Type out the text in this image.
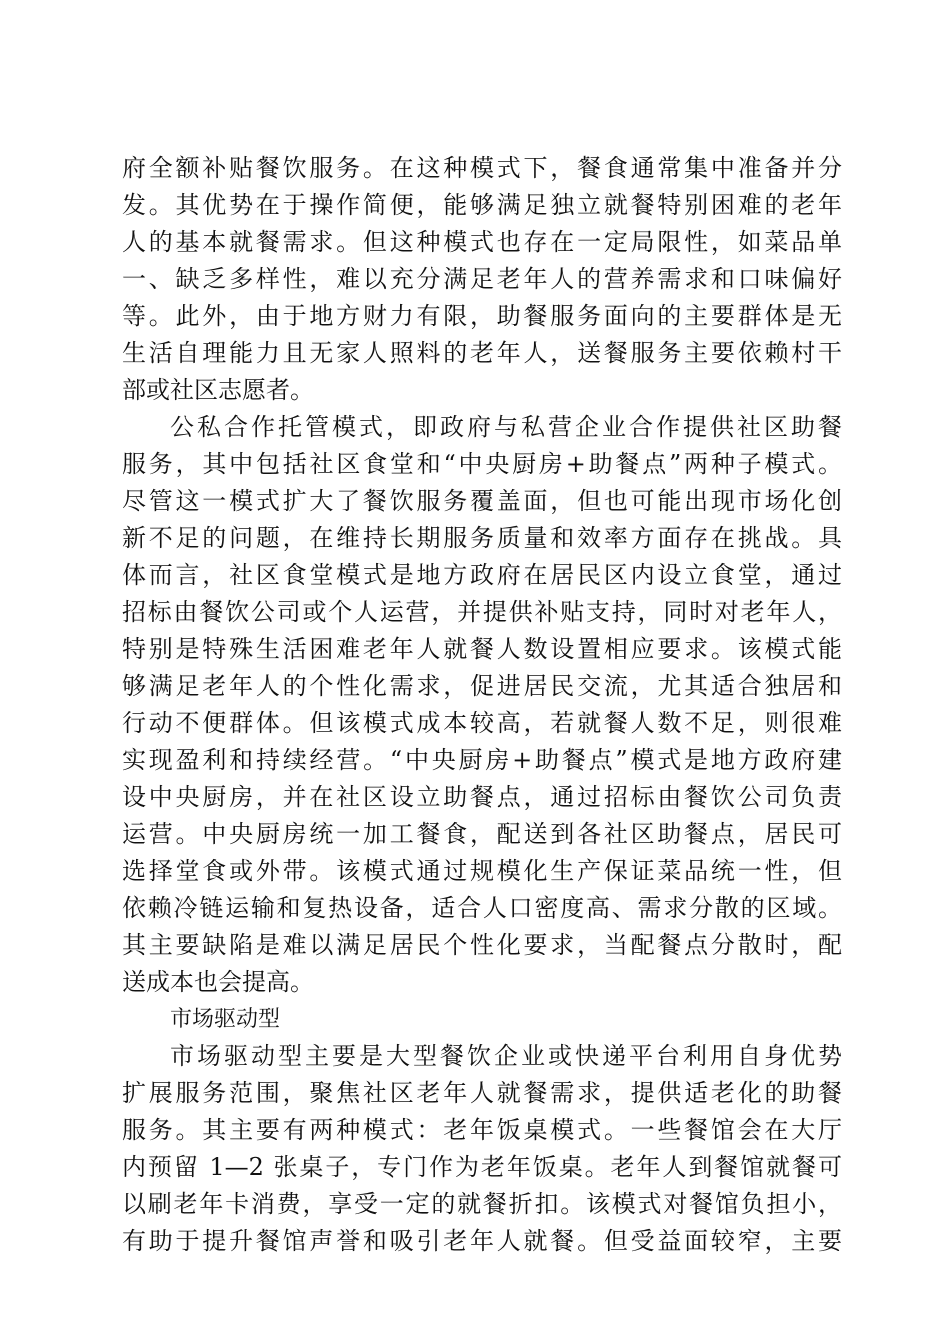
府全额补贴餐饮服务。在这种模式下，餐食通常集中准备并分
发。其优势在于操作简便，能够满足独立就餐特别困难的老年
人的基本就餐需求。但这种模式也存在一定局限性，如菜品单
一、缺乏多样性，难以充分满足老年人的营养需求和口味偏好
等。此外，由于地方财力有限，助餐服务面向的主要群体是无
生活自理能力且无家人照料的老年人，送餐服务主要依赖村干
部或社区志愿者。
公私合作托管模式，即政府与私营企业合作提供社区助餐
服务，其中包括社区食堂和“中央厨房+助餐点”两种子模式。
尽管这一模式扩大了餐饮服务覆盖面，但也可能出现市场化创
新不足的问题，在维持长期服务质量和效率方面存在挑战。具
体而言，社区食堂模式是地方政府在居民区内设立食堂，通过
招标由餐饮公司或个人运营，并提供补贴支持，同时对老年人，
特别是特殊生活困难老年人就餐人数设置相应要求。该模式能
够满足老年人的个性化需求，促进居民交流，尤其适合独居和
行动不便群体。但该模式成本较高，若就餐人数不足，则很难
实现盈利和持续经营。“中央厨房+助餐点”模式是地方政府建
设中央厨房，并在社区设立助餐点，通过招标由餐饮公司负责
运营。中央厨房统一加工餐食，配送到各社区助餐点，居民可
选择堂食或外带。该模式通过规模化生产保证菜品统一性，但
依赖冷链运输和复热设备，适合人口密度高、需求分散的区域。
其主要缺陷是难以满足居民个性化要求，当配餐点分散时，配
送成本也会提高。
市场驱动型
市场驱动型主要是大型餐饮企业或快递平台利用自身优势
扩展服务范围，聚焦社区老年人就餐需求，提供适老化的助餐
服务。其主要有两种模式：老年饭桌模式。一些餐馆会在大厅
内预留 1—2 张桌子，专门作为老年饭桌。老年人到餐馆就餐可
以刷老年卡消费，享受一定的就餐折扣。该模式对餐馆负担小，
有助于提升餐馆声誉和吸引老年人就餐。但受益面较窄，主要
